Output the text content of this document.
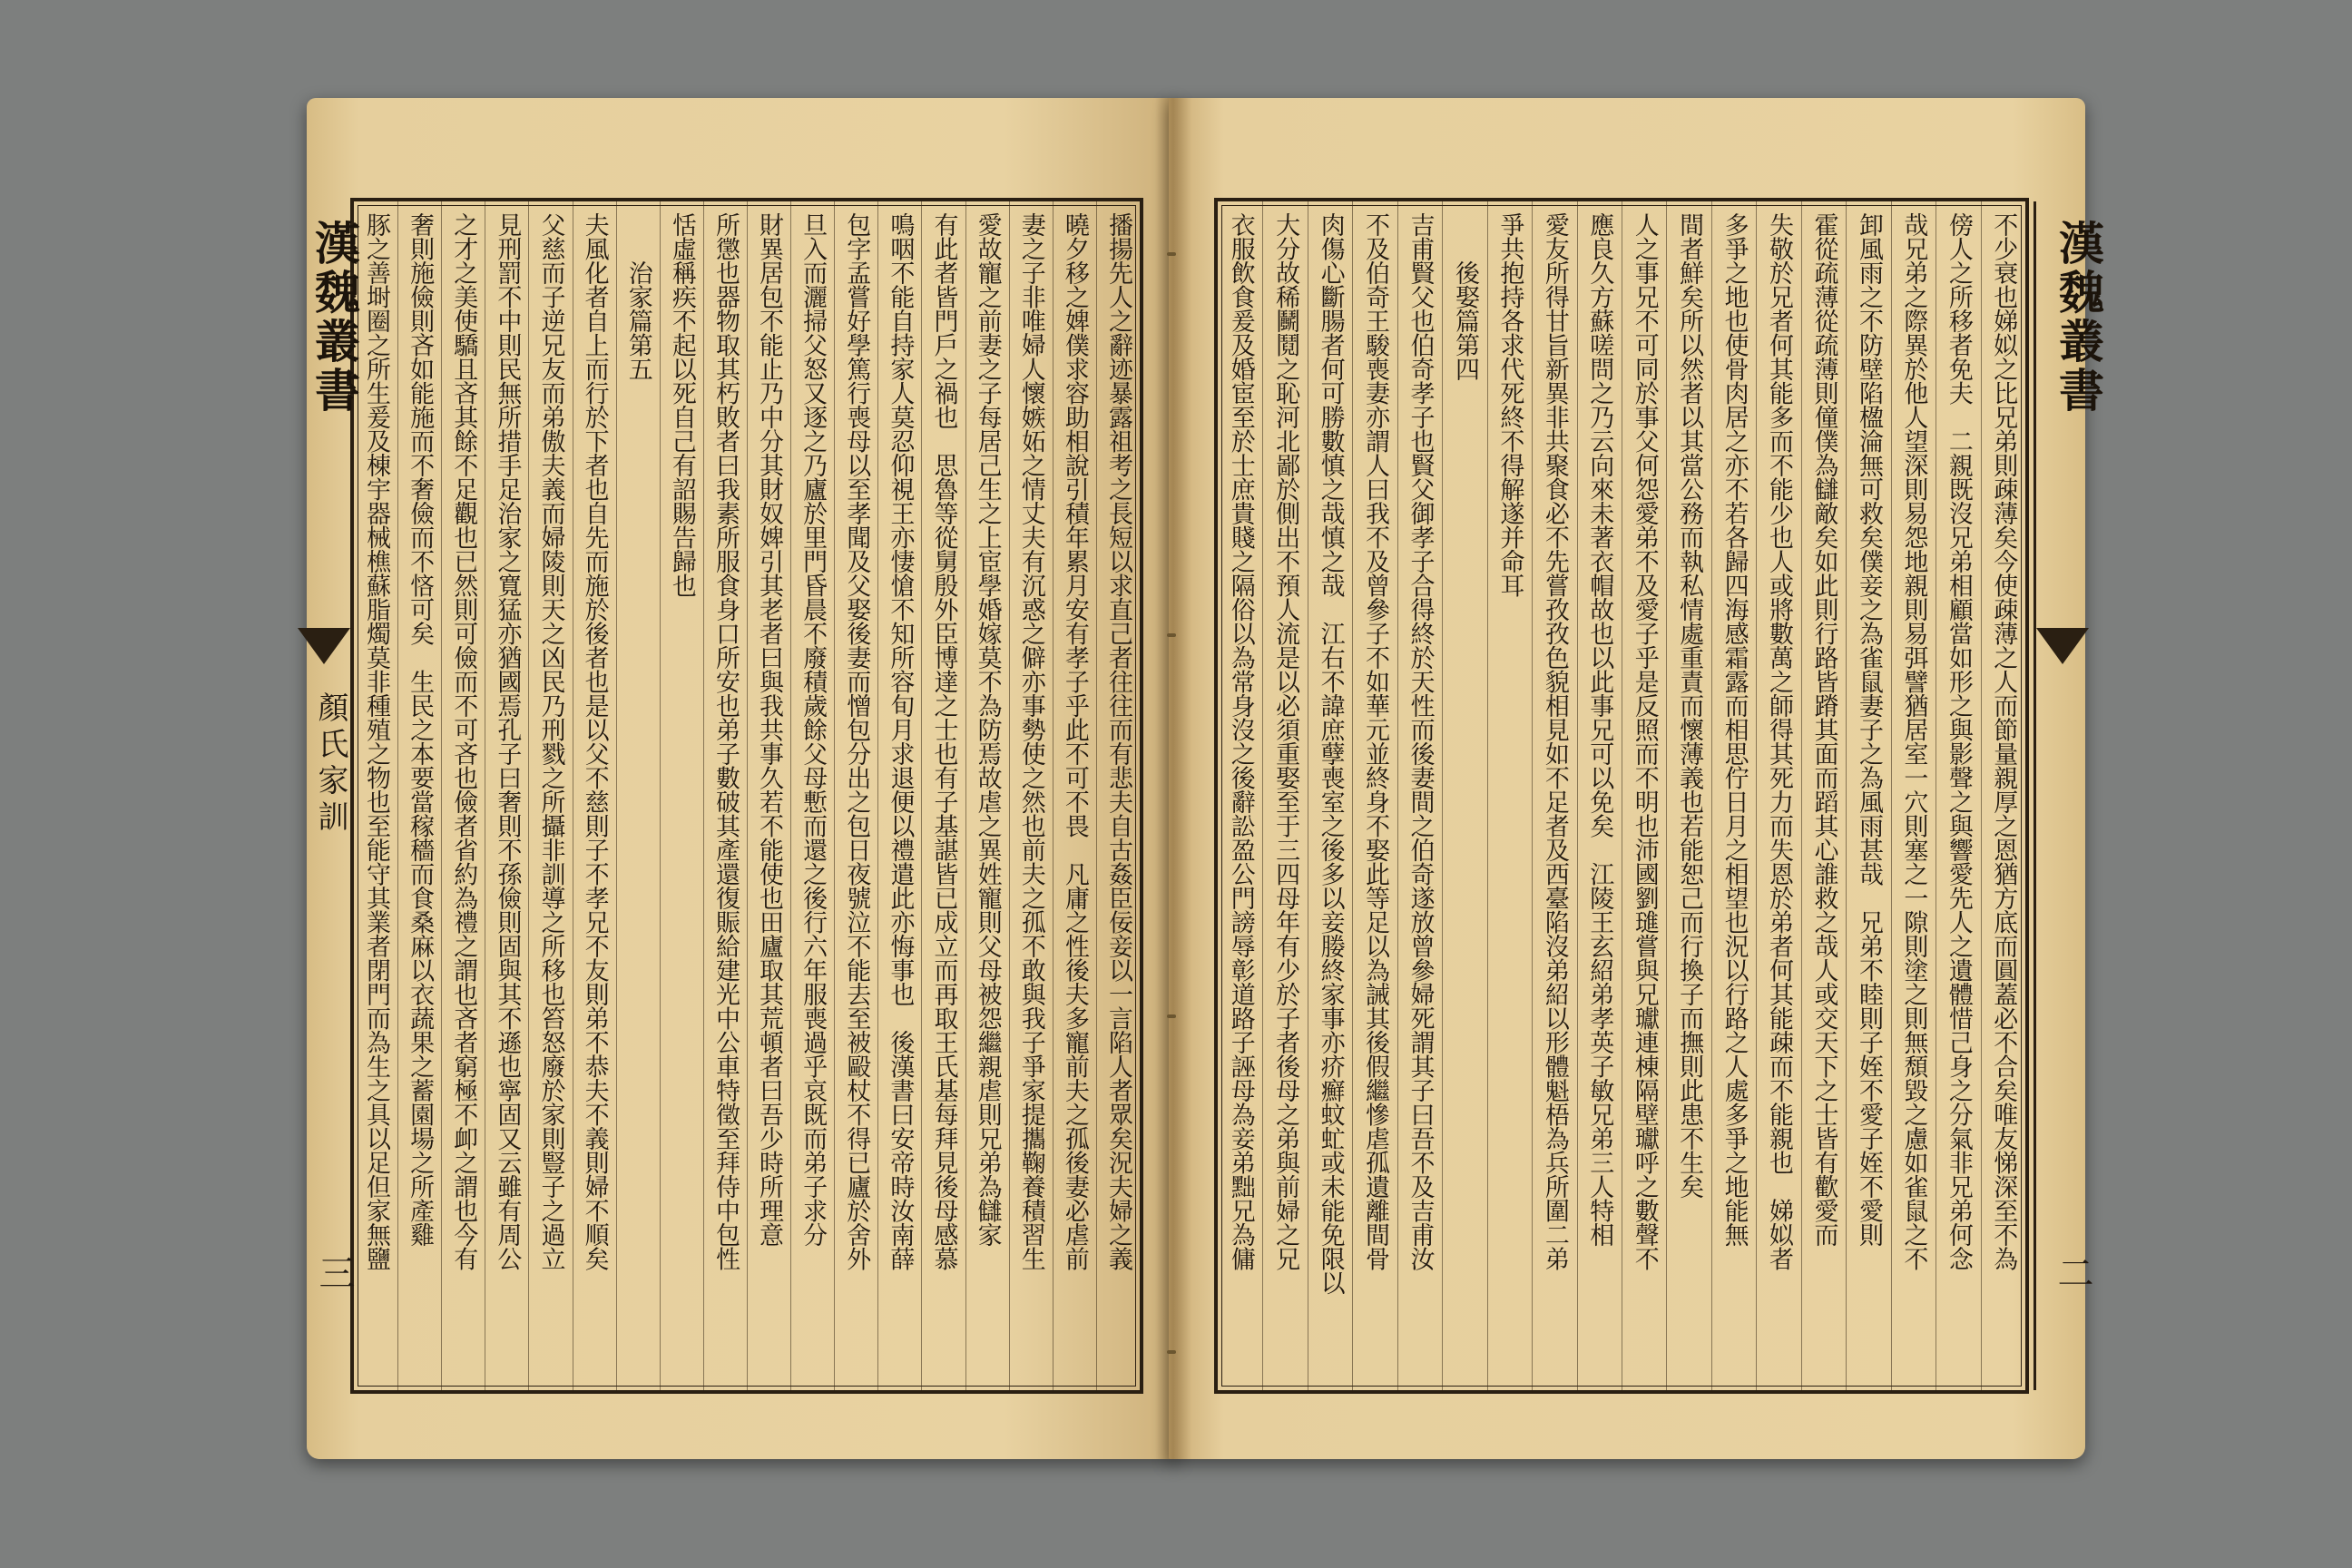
漢魏叢書
顏氏家訓
三
豚之善埘圈之所生爰及棟宇器械樵蘇脂燭莫非種殖之物也至能守其業者閉門而為生之具以足但家無鹽 奢則施儉則吝如能施而不奢儉而不悋可矣　生民之本要當稼穡而食桑麻以衣蔬果之蓄園場之所產雞 之才之美使驕且吝其餘不足觀也已然則可儉而不可吝也儉者省約為禮之謂也吝者窮極不卹之謂也今有 見刑罰不中則民無所措手足治家之寬猛亦猶國焉孔子曰奢則不孫儉則固與其不遜也寧固又云雖有周公 父慈而子逆兄友而弟傲夫義而婦陵則天之凶民乃刑戮之所攝非訓導之所移也笞怒廢於家則豎子之過立 夫風化者自上而行於下者也自先而施於後者也是以父不慈則子不孝兄不友則弟不恭夫不義則婦不順矣 　　治家篇第五 恬虛稱疾不起以死自己有詔賜告歸也 所懲也器物取其朽敗者曰我素所服食身口所安也弟子數破其產還復賑給建光中公車特徵至拜侍中包性 財異居包不能止乃中分其財奴婢引其老者曰與我共事久若不能使也田廬取其荒頓者曰吾少時所理意 旦入而灑掃父怒又逐之乃廬於里門昏晨不廢積歲餘父母慙而還之後行六年服喪過乎哀既而弟子求分 包字孟嘗好學篤行喪母以至孝聞及父娶後妻而憎包分出之包日夜號泣不能去至被毆杖不得已廬於舍外 鳴咽不能自持家人莫忍仰視王亦悽愴不知所容旬月求退便以禮遣此亦悔事也　後漢書曰安帝時汝南薛 有此者皆門戶之禍也　思魯等從舅殷外臣博達之士也有子基諶皆已成立而再取王氏基每拜見後母感慕 愛故寵之前妻之子每居己生之上宦學婚嫁莫不為防焉故虐之異姓寵則父母被怨繼親虐則兄弟為讎家 妻之子非唯婦人懷嫉妬之情丈夫有沉惑之僻亦事勢使之然也前夫之孤不敢與我子爭家提攜鞠養積習生 曉夕移之婢僕求容助相說引積年累月安有孝子乎此不可不畏　凡庸之性後夫多寵前夫之孤後妻必虐前 播揚先人之辭迹暴露祖考之長短以求直己者往往而有悲夫自古姦臣佞妾以一言陷人者眾矣況夫婦之義	漢魏叢書
二
衣服飲食爰及婚宦至於士庶貴賤之隔俗以為常身沒之後辭訟盈公門謗辱彰道路子誣母為妾弟黜兄為傭 大分故稀鬭鬩之恥河北鄙於側出不預人流是以必須重娶至于三四母年有少於子者後母之弟與前婦之兄 肉傷心斷腸者何可勝數慎之哉慎之哉　江右不諱庶孽喪室之後多以妾媵終家事亦疥癬蚊虻或未能免限以 不及伯奇王駿喪妻亦謂人曰我不及曾參子不如華元並終身不娶此等足以為誡其後假繼慘虐孤遺離間骨 吉甫賢父也伯奇孝子也賢父御孝子合得終於天性而後妻間之伯奇遂放曾參婦死謂其子曰吾不及吉甫汝 　　後娶篇第四 爭共抱持各求代死終不得解遂并命耳 愛友所得甘旨新異非共聚食必不先嘗孜孜色貌相見如不足者及西臺陷沒弟紹以形體魁梧為兵所圍二弟 應良久方蘇嗟問之乃云向來未著衣帽故也以此事兄可以免矣　江陵王玄紹弟孝英子敏兄弟三人特相 人之事兄不可同於事父何怨愛弟不及愛子乎是反照而不明也沛國劉璡嘗與兄瓛連棟隔壁瓛呼之數聲不 間者鮮矣所以然者以其當公務而執私情處重責而懷薄義也若能恕己而行換子而撫則此患不生矣 多爭之地也使骨肉居之亦不若各歸四海感霜露而相思佇日月之相望也況以行路之人處多爭之地能無 失敬於兄者何其能多而不能少也人或將數萬之師得其死力而失恩於弟者何其能疎而不能親也　娣姒者 霍從疏薄從疏薄則僮僕為讎敵矣如此則行路皆蹐其面而蹈其心誰救之哉人或交天下之士皆有歡愛而 卸風雨之不防壁陷楹淪無可救矣僕妾之為雀鼠妻子之為風雨甚哉　兄弟不睦則子姪不愛子姪不愛則 哉兄弟之際異於他人望深則易怨地親則易弭譬猶居室一穴則塞之一隙則塗之則無頹毀之慮如雀鼠之不 傍人之所移者免夫　二親既沒兄弟相顧當如形之與影聲之與響愛先人之遺體惜己身之分氣非兄弟何念 不少衰也娣姒之比兄弟則疎薄矣今使疎薄之人而節量親厚之恩猶方底而圓蓋必不合矣唯友悌深至不為
